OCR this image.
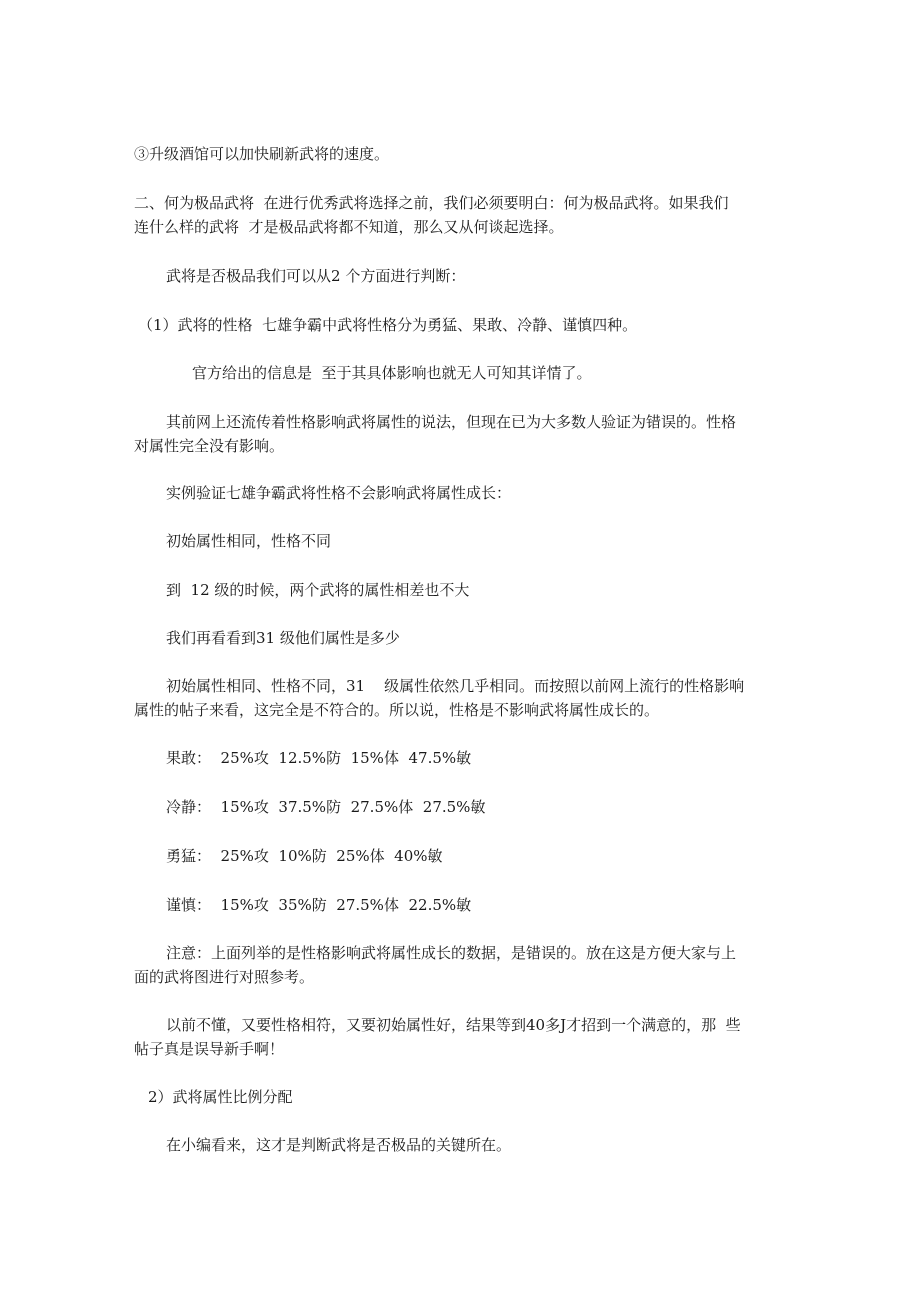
③升级酒馆可以加快刷新武将的速度。

二、何为极品武将  在进行优秀武将选择之前，我们必须要明白：何为极品武将。如果我们
连什么样的武将  才是极品武将都不知道，那么又从何谈起选择。

武将是否极品我们可以从2 个方面进行判断：

（1）武将的性格  七雄争霸中武将性格分为勇猛、果敢、冷静、谨慎四种。

官方给出的信息是  至于其具体影响也就无人可知其详情了。

其前网上还流传着性格影响武将属性的说法，但现在已为大多数人验证为错误的。性格
对属性完全没有影响。

实例验证七雄争霸武将性格不会影响武将属性成长：

初始属性相同，性格不同

到  12 级的时候，两个武将的属性相差也不大

我们再看看到31 级他们属性是多少

初始属性相同、性格不同，31    级属性依然几乎相同。而按照以前网上流行的性格影响
属性的帖子来看，这完全是不符合的。所以说，性格是不影响武将属性成长的。

果敢：  25%攻  12.5%防  15%体  47.5%敏

冷静：  15%攻  37.5%防  27.5%体  27.5%敏

勇猛：  25%攻  10%防  25%体  40%敏

谨慎：  15%攻  35%防  27.5%体  22.5%敏

注意：上面列举的是性格影响武将属性成长的数据，是错误的。放在这是方便大家与上
面的武将图进行对照参考。

以前不懂，又要性格相符，又要初始属性好，结果等到40多J才招到一个满意的，那  些
帖子真是误导新手啊！

2）武将属性比例分配

在小编看来，这才是判断武将是否极品的关键所在。
